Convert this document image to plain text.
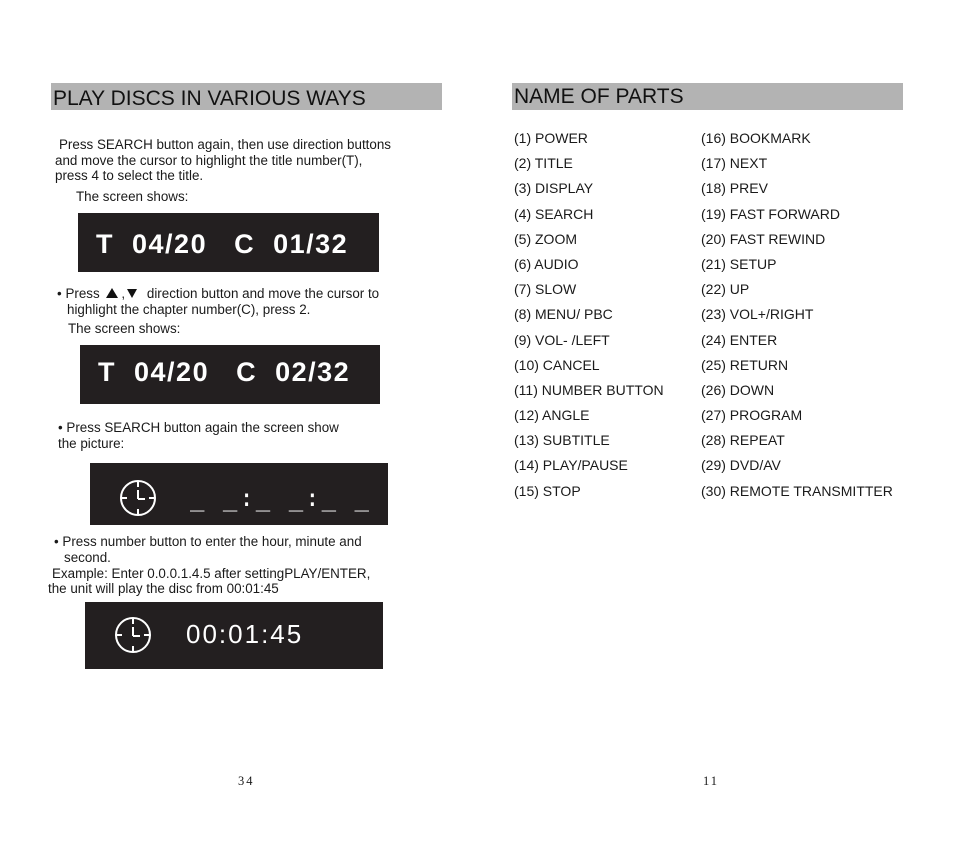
PLAY DISCS IN VARIOUS WAYS

Press SEARCH button again, then use direction buttons

and move the cursor to highlight the title number(T),

press 4 to select the title.

The screen shows:

T 04/20 C 01/32
• Press , direction button and move the cursor to

highlight the chapter number(C), press 2.

The screen shows:

T 04/20 C 02/32

• Press SEARCH button again the screen show

the picture:

_ _:_ _:_ _

• Press number button to enter the hour, minute and

second.

Example: Enter 0.0.0.1.4.5 after settingPLAY/ENTER,

the unit will play the disc from 00:01:45

00:01:45
34
NAME OF PARTS
(1) POWER
(2) TITLE
(3) DISPLAY
(4) SEARCH
(5) ZOOM
(6) AUDIO
(7) SLOW
(8) MENU/ PBC
(9) VOL- /LEFT
(10) CANCEL
(11) NUMBER BUTTON
(12) ANGLE
(13) SUBTITLE
(14) PLAY/PAUSE
(15) STOP
(16) BOOKMARK
(17) NEXT
(18) PREV
(19) FAST FORWARD
(20) FAST REWIND
(21) SETUP
(22) UP
(23) VOL+/RIGHT
(24) ENTER
(25) RETURN
(26) DOWN
(27) PROGRAM
(28) REPEAT
(29) DVD/AV
(30) REMOTE TRANSMITTER
11
